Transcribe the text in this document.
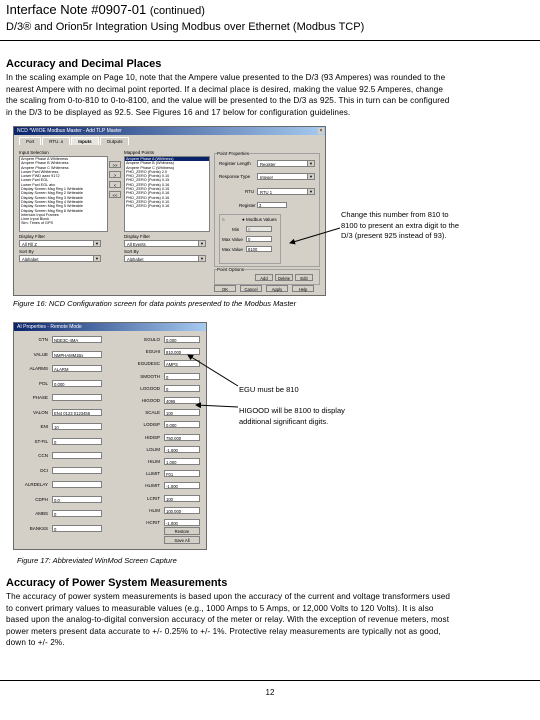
Interface Note #0907-01 (continued)
D/3® and Orion5r Integration Using Modbus over Ethernet (Modbus TCP)
Accuracy and Decimal Places
In the scaling example on Page 10, note that the Ampere value presented to the D/3 (93 Amperes) was rounded to the
nearest Ampere with no decimal point reported. If a decimal place is desired, making the value 92.5 Amperes, change
the scaling from 0-to-810 to 0-to-8100, and the value will be presented to the D/3 as 925. This in turn can be configured
in the D/3 to be displayed as 92.5. See Figures 16 and 17 below for configuration guidelines.
NCD *W/IOE Modbus Master - Add TLP Master	×
Port	RTU..s	Inputs	Outputs
Input Selection
Ampere Phase A Whiteness
Ampere Phase B Whiteness
Ampere Phase C Whiteness
Lower Fwd Whiteness
Lower FWD aaxx 9172
Lower Fwd EGL
Lower Fwd EGL abc
Display Screen Msg Reg 1 Writeable
Display Screen Msg Reg 2 Writeable
Display Screen Msg Reg 3 Writeable
Display Screen Msg Reg 4 Writeable
Display Screen Msg Reg 5 Writeable
Display Screen Msg Reg 6 Writeable
Interlock Input Frames
Lime Input Block
Sim: Times of GPS
>>
>
<
<<
Mapped Points
Ampere Phase A (Whitness)
Ampere Phase B (Whitness)
Ampere Phase C (Whitness)
PHD_ZERO (Points) 2.0
PHD_ZERO (Points) 0.10
PHD_ZERO (Points) 0.15
PHD_ZERO (Points) 0.16
PHD_ZERO (Points) 0.15
PHD_ZERO (Points) 0.16
PHD_ZERO (Points) 0.16
PHD_ZERO (Points) 0.10
PHD_ZERO (Points) 0.16
Display Filter
All Fill Z	▼
Sort By
Alphabet	▼
Display Filter
All Events	▼
Sort By
Alphabet	▼
Point Properties
Register Length	Register	▼
Response Type	Integer	▼
RTU	RTU 1	▼
Register 3
○	● Modbus Values
Min	0
Max Value	0
Max Value	8100
Point Options
Add	Delete	Edit
OK	Cancel	Apply	Help
Change this number from 810 to 8100 to present an extra digit to the D/3 (present 925 instead of 93).
Figure 16: NCD Configuration screen for data points presented to the Modbus Master
AI Properties - Remote Mode
GTN	NDE3C-4MA
VALUE	NMPHAMM1Bx
ALARMS	ALARM
POL	0.000
PHASE
VALON	EN4 0123 0123456
ENI	10
ST-FIL	0
CCN
DCI
ALRDELAY
CDPH	0.0
AMBS	0
BANKSS	0
EGULO	0.000
EGUHI	810.000
EGUDESC	AMPS
SMOOTH	0
LOGOOD	0
HIGOOD	4095
SCALE	100
LODISP	0.000
HIDISP	750.000
LOLIM	-1.000
HILIM	1.000
LLIMIT	F01
HLIMIT	-1.000
LCRIT	100
HLIM	100.000
HCRIT	-1.000
Restore
Save All
EGU must be 810
HIGOOD will be 8100 to display additional significant digits.
Figure 17: Abbreviated WinMod Screen Capture
Accuracy of Power System Measurements
The accuracy of power system measurements is based upon the accuracy of the current and voltage transformers used
to convert primary values to measurable values (e.g., 1000 Amps to 5 Amps, or 12,000 Volts to 120 Volts). It is also
based upon the analog-to-digital conversion accuracy of the meter or relay. With the exception of revenue meters, most
power meters present data accurate to +/- 0.25% to +/- 1%. Protective relay measurements are typically not as good,
down to +/- 2%.
12
